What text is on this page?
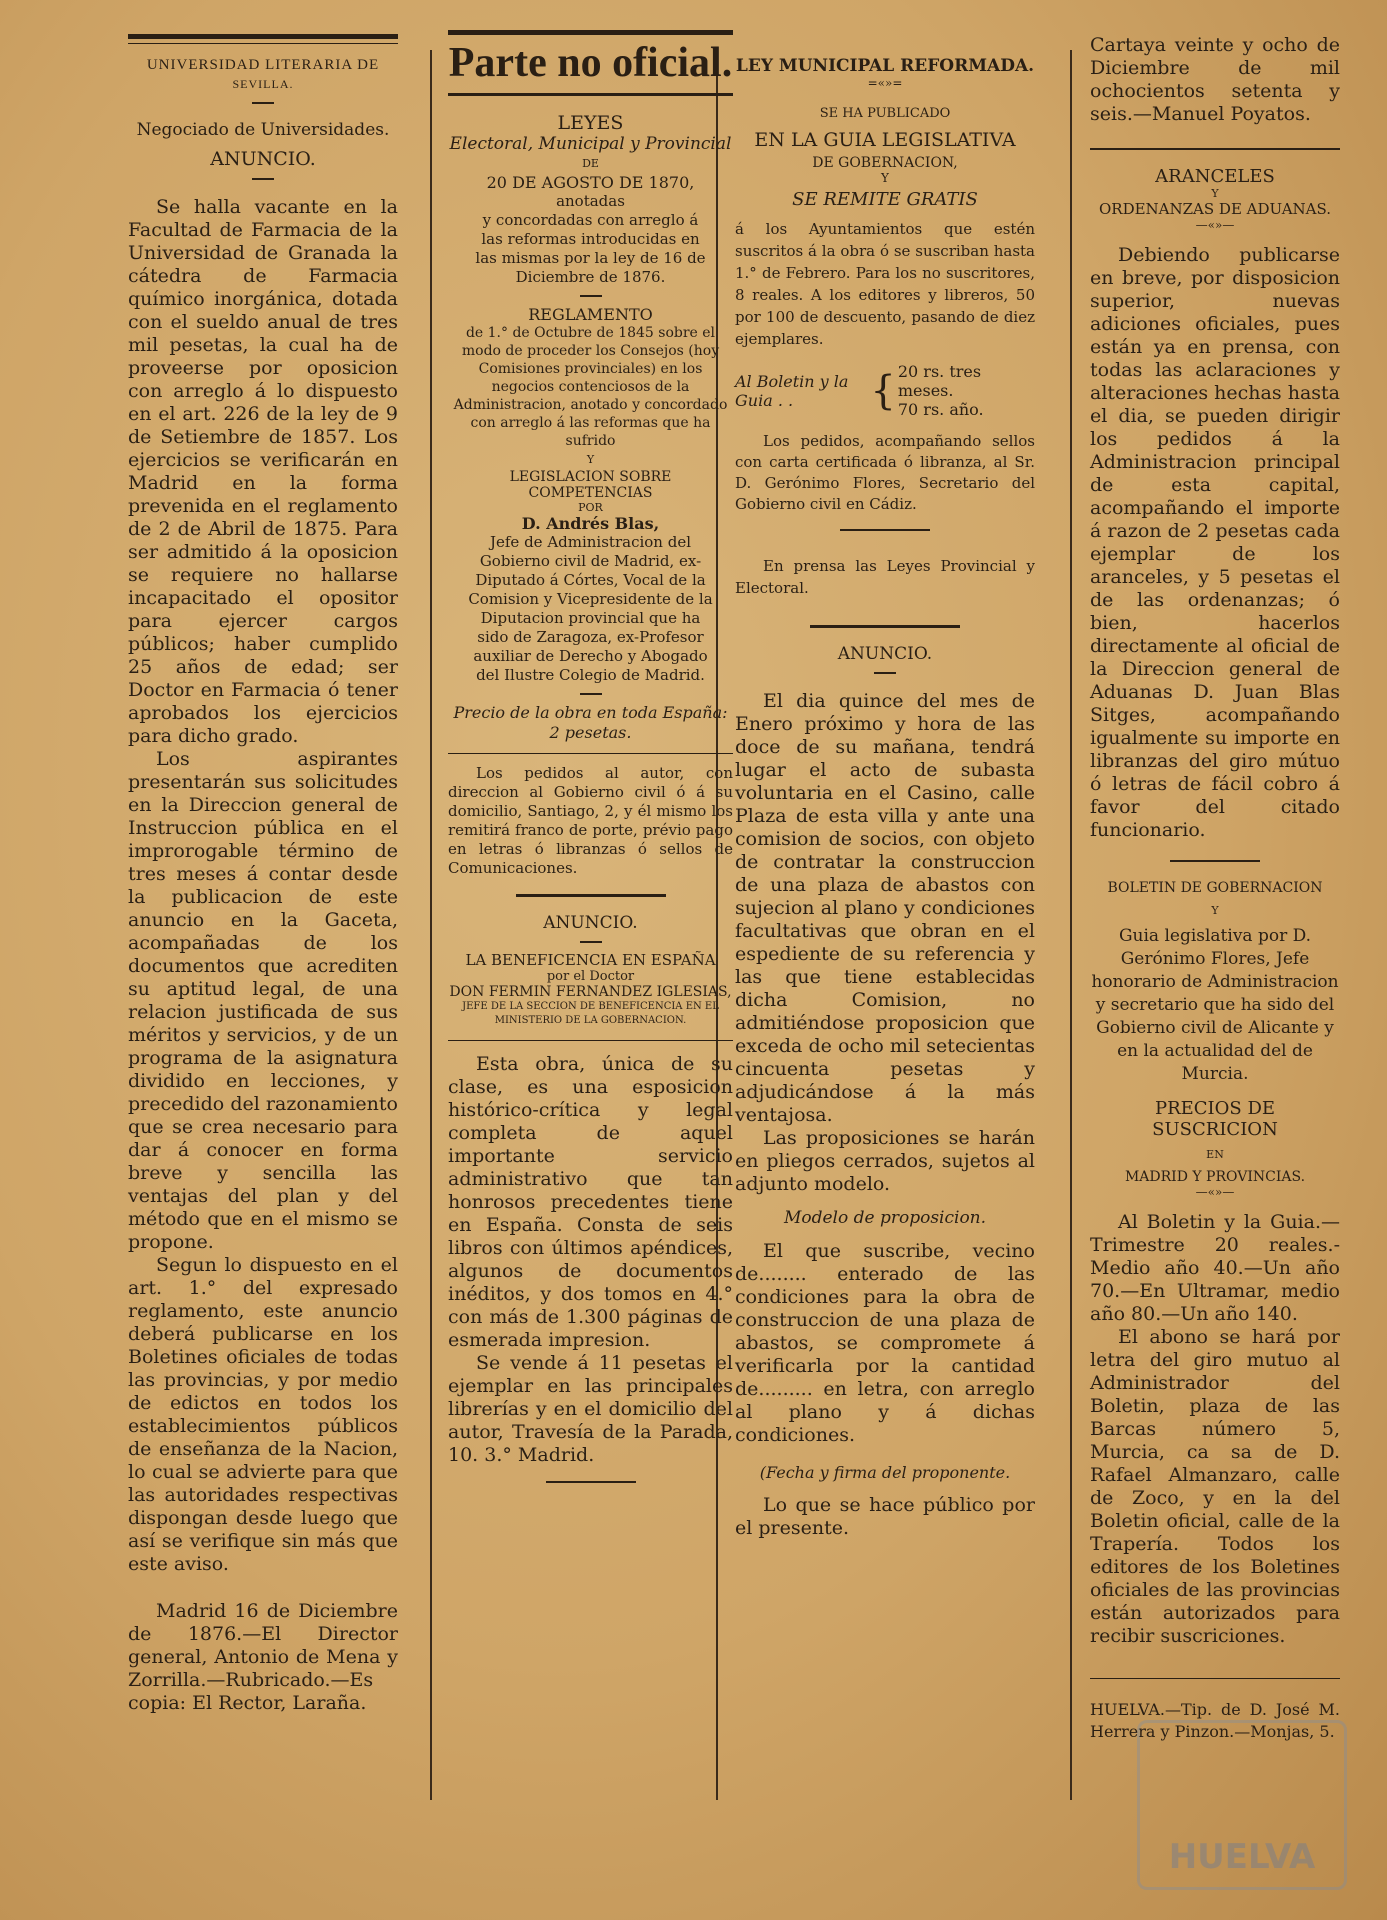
UNIVERSIDAD LITERARIA DE
SEVILLA.
Negociado de Universidades.
ANUNCIO.

Se halla vacante en la Facultad de Farmacia de la Universidad de Granada la cátedra de Farmacia químico inorgánica, dotada con el sueldo anual de tres mil pesetas, la cual ha de proveerse por oposicion con arreglo á lo dispuesto en el art. 226 de la ley de 9 de Setiembre de 1857. Los ejercicios se verificarán en Madrid en la forma prevenida en el reglamento de 2 de Abril de 1875. Para ser admitido á la oposicion se requiere no hallarse incapacitado el opositor para ejercer cargos públicos; haber cumplido 25 años de edad; ser Doctor en Farmacia ó tener aprobados los ejercicios para dicho grado.

Los aspirantes presentarán sus solicitudes en la Direccion general de Instruccion pública en el improrogable término de tres meses á contar desde la publicacion de este anuncio en la Gaceta, acompañadas de los documentos que acrediten su aptitud legal, de una relacion justificada de sus méritos y servicios, y de un programa de la asignatura dividido en lecciones, y precedido del razonamiento que se crea necesario para dar á conocer en forma breve y sencilla las ventajas del plan y del método que en el mismo se propone.

Segun lo dispuesto en el art. 1.° del expresado reglamento, este anuncio deberá publicarse en los Boletines oficiales de todas las provincias, y por medio de edictos en todos los establecimientos públicos de enseñanza de la Nacion, lo cual se advierte para que las autoridades respectivas dispongan desde luego que así se verifique sin más que este aviso.

Madrid 16 de Diciembre de 1876.—El Director general, Antonio de Mena y Zorrilla.—Rubricado.—Es copia: El Rector, Laraña.

Parte no oficial.
LEYES
Electoral, Municipal y Provincial
DE
20 DE AGOSTO DE 1870,
anotadas
y concordadas con arreglo á las reformas introducidas en las mismas por la ley de 16 de Diciembre de 1876.
REGLAMENTO
de 1.° de Octubre de 1845 sobre el modo de proceder los Consejos (hoy Comisiones provinciales) en los negocios contenciosos de la Administracion, anotado y concordado con arreglo á las reformas que ha sufrido
Y
LEGISLACION SOBRE COMPETENCIAS
POR
D. Andrés Blas,
Jefe de Administracion del Gobierno civil de Madrid, ex-Diputado á Córtes, Vocal de la Comision y Vicepresidente de la Diputacion provincial que ha sido de Zaragoza, ex-Profesor auxiliar de Derecho y Abogado del Ilustre Colegio de Madrid.
Precio de la obra en toda España: 2 pesetas.

Los pedidos al autor, con direccion al Gobierno civil ó á su domicilio, Santiago, 2, y él mismo los remitirá franco de porte, prévio pago en letras ó libranzas ó sellos de Comunicaciones.

ANUNCIO.
LA BENEFICENCIA EN ESPAÑA
por el Doctor
DON FERMIN FERNANDEZ IGLESIAS,
JEFE DE LA SECCION DE BENEFICENCIA EN EL MINISTERIO DE LA GOBERNACION.

Esta obra, única de su clase, es una esposicion histórico-crítica y legal completa de aquel importante servicio administrativo que tan honrosos precedentes tiene en España. Consta de seis libros con últimos apéndices, algunos de documentos inéditos, y dos tomos en 4.° con más de 1.300 páginas de esmerada impresion.

Se vende á 11 pesetas el ejemplar en las principales librerías y en el domicilio del autor, Travesía de la Parada, 10. 3.° Madrid.

LEY MUNICIPAL REFORMADA.
=«»=
SE HA PUBLICADO
EN LA GUIA LEGISLATIVA
DE GOBERNACION,
Y
SE REMITE GRATIS

á los Ayuntamientos que estén suscritos á la obra ó se suscriban hasta 1.° de Febrero. Para los no suscritores, 8 reales. A los editores y libreros, 50 por 100 de descuento, pasando de diez ejemplares.

Al Boletin y la
Guia . .	{ 20 rs. tres meses.
70 rs. año.

Los pedidos, acompañando sellos con carta certificada ó libranza, al Sr. D. Gerónimo Flores, Secretario del Gobierno civil en Cádiz.

En prensa las Leyes Provincial y Electoral.

ANUNCIO.

El dia quince del mes de Enero próximo y hora de las doce de su mañana, tendrá lugar el acto de subasta voluntaria en el Casino, calle Plaza de esta villa y ante una comision de socios, con objeto de contratar la construccion de una plaza de abastos con sujecion al plano y condiciones facultativas que obran en el espediente de su referencia y las que tiene establecidas dicha Comision, no admitiéndose proposicion que exceda de ocho mil setecientas cincuenta pesetas y adjudicándose á la más ventajosa.

Las proposiciones se harán en pliegos cerrados, sujetos al adjunto modelo.

Modelo de proposicion.

El que suscribe, vecino de........ enterado de las condiciones para la obra de construccion de una plaza de abastos, se compromete á verificarla por la cantidad de......... en letra, con arreglo al plano y á dichas condiciones.

(Fecha y firma del proponente.

Lo que se hace público por el presente.

Cartaya veinte y ocho de Diciembre de mil ochocientos setenta y seis.—Manuel Poyatos.

ARANCELES
Y
ORDENANZAS DE ADUANAS.
—«»—

Debiendo publicarse en breve, por disposicion superior, nuevas adiciones oficiales, pues están ya en prensa, con todas las aclaraciones y alteraciones hechas hasta el dia, se pueden dirigir los pedidos á la Administracion principal de esta capital, acompañando el importe á razon de 2 pesetas cada ejemplar de los aranceles, y 5 pesetas el de las ordenanzas; ó bien, hacerlos directamente al oficial de la Direccion general de Aduanas D. Juan Blas Sitges, acompañando igualmente su importe en libranzas del giro mútuo ó letras de fácil cobro á favor del citado funcionario.

BOLETIN DE GOBERNACION
Y

Guia legislativa por D. Gerónimo Flores, Jefe honorario de Administracion y secretario que ha sido del Gobierno civil de Alicante y en la actualidad del de Murcia.

PRECIOS DE SUSCRICION
EN
MADRID Y PROVINCIAS.
—«»—

Al Boletin y la Guia.—Trimestre 20 reales.-Medio año 40.—Un año 70.—En Ultramar, medio año 80.—Un año 140.

El abono se hará por letra del giro mutuo al Administrador del Boletin, plaza de las Barcas número 5, Murcia, ca sa de D. Rafael Almanzaro, calle de Zoco, y en la del Boletin oficial, calle de la Trapería. Todos los editores de los Boletines oficiales de las provincias están autorizados para recibir suscriciones.

HUELVA.—Tip. de D. José M. Herrera y Pinzon.—Monjas, 5.

HUELVA
